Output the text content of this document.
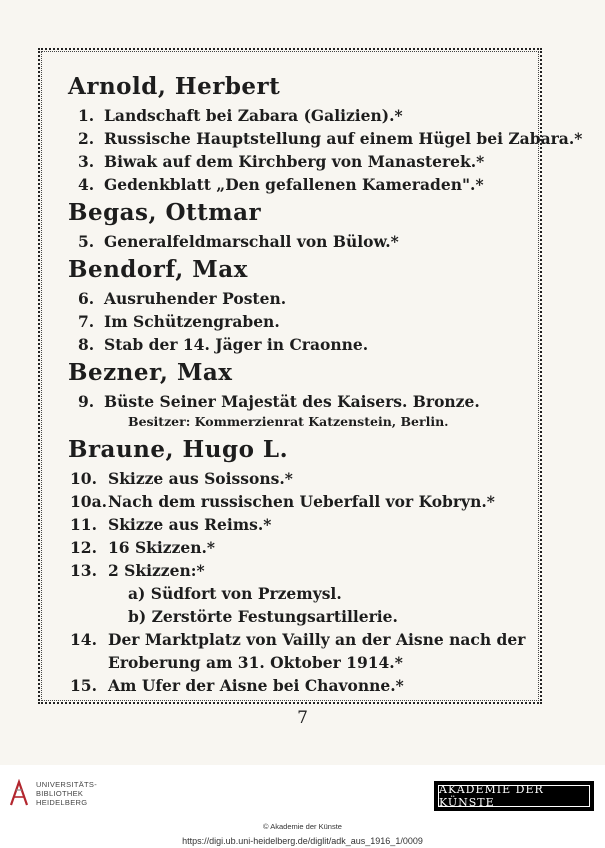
Arnold, Herbert
1. Landschaft bei Zabara (Galizien).*
2. Russische Hauptstellung auf einem Hügel bei Zabara.*
3. Biwak auf dem Kirchberg von Manasterek.*
4. Gedenkblatt „Den gefallenen Kameraden".*
Begas, Ottmar
5. Generalfeldmarschall von Bülow.*
Bendorf, Max
6. Ausruhender Posten.
7. Im Schützengraben.
8. Stab der 14. Jäger in Craonne.
Bezner, Max
9. Büste Seiner Majestät des Kaisers. Bronze.
Besitzer: Kommerzienrat Katzenstein, Berlin.
Braune, Hugo L.
10. Skizze aus Soissons.*
10a. Nach dem russischen Ueberfall vor Kobryn.*
11. Skizze aus Reims.*
12. 16 Skizzen.*
13. 2 Skizzen:*
a) Südfort von Przemysl.
b) Zerstörte Festungsartillerie.
14. Der Marktplatz von Vailly an der Aisne nach der
Eroberung am 31. Oktober 1914.*
15. Am Ufer der Aisne bei Chavonne.*
7
UNIVERSITÄTS-
BIBLIOTHEK
HEIDELBERG
AKADEMIE DER KÜNSTE
© Akademie der Künste
https://digi.ub.uni-heidelberg.de/diglit/adk_aus_1916_1/0009
